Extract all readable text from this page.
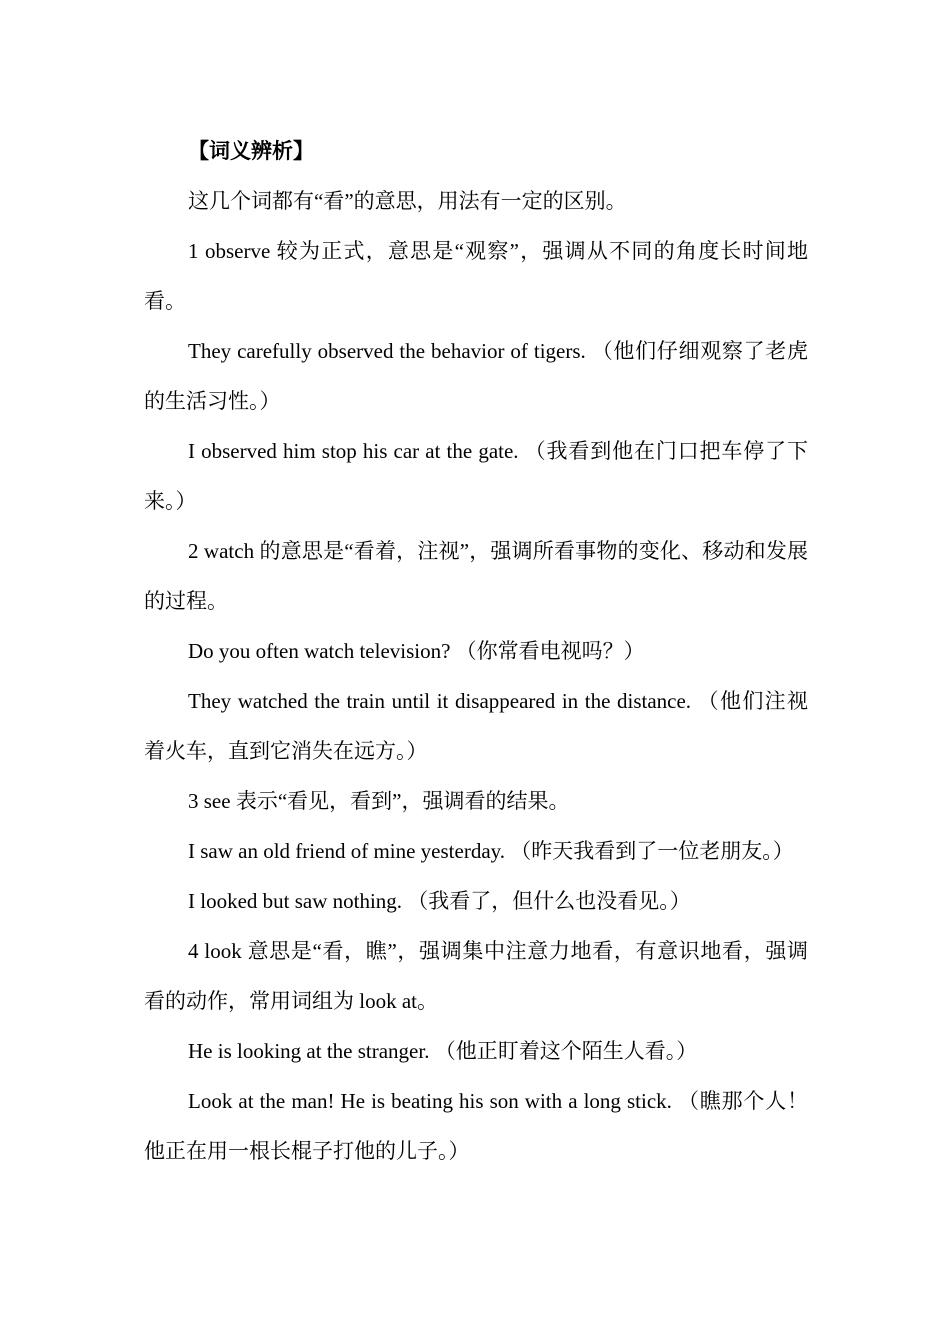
【词义辨析】

这几个词都有“看”的意思，用法有一定的区别。

1 observe 较为正式，意思是“观察”，强调从不同的角度长时间地看。

They carefully observed the behavior of tigers. （他们仔细观察了老虎的生活习性。）

I observed him stop his car at the gate. （我看到他在门口把车停了下来。）

2 watch 的意思是“看着，注视”，强调所看事物的变化、移动和发展的过程。

Do you often watch television? （你常看电视吗？）

They watched the train until it disappeared in the distance. （他们注视着火车，直到它消失在远方。）

3 see 表示“看见，看到”，强调看的结果。

I saw an old friend of mine yesterday. （昨天我看到了一位老朋友。）

I looked but saw nothing. （我看了，但什么也没看见。）

4 look 意思是“看，瞧”，强调集中注意力地看，有意识地看，强调看的动作，常用词组为 look at。

He is looking at the stranger. （他正盯着这个陌生人看。）

Look at the man! He is beating his son with a long stick. （瞧那个人！他正在用一根长棍子打他的儿子。）
